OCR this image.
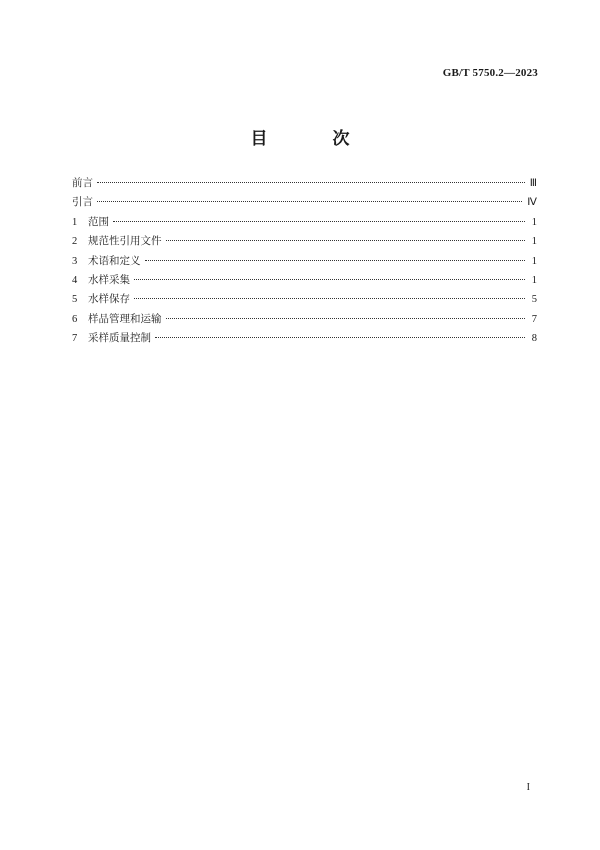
GB/T 5750.2—2023
目　次
前言	Ⅲ
引言	Ⅳ
1	范围	1
2	规范性引用文件	1
3	术语和定义	1
4	水样采集	1
5	水样保存	5
6	样品管理和运输	7
7	采样质量控制	8
I
